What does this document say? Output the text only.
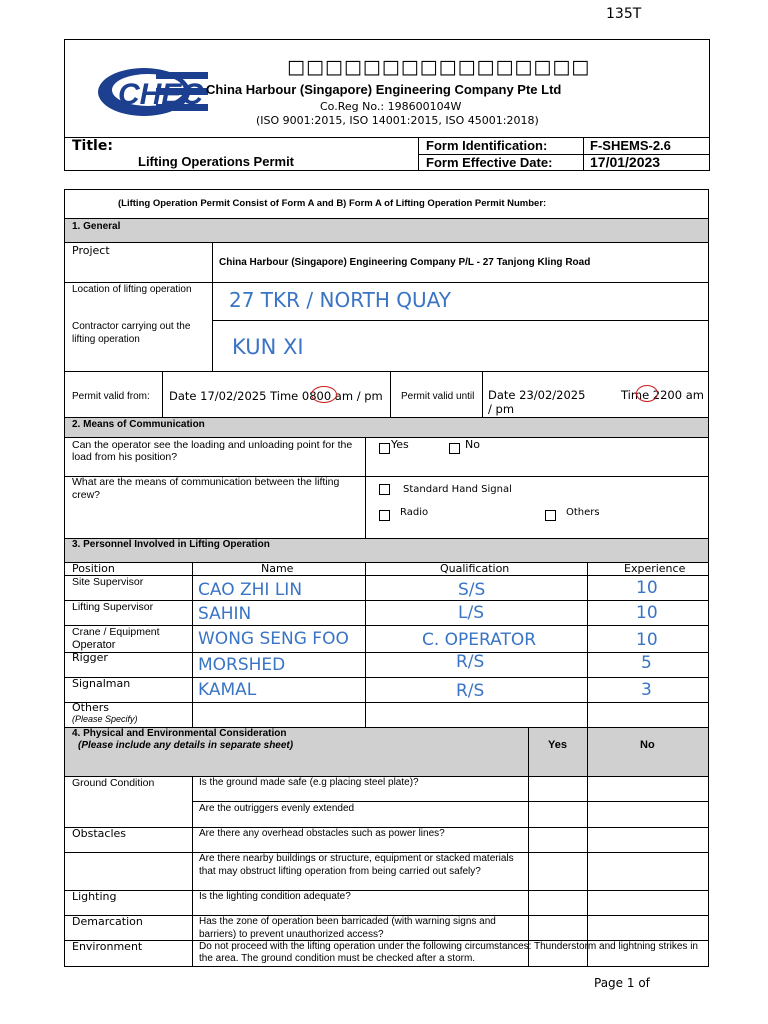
135T
CHEC
□□□□□□□□□□□□□□□□
China Harbour (Singapore) Engineering Company Pte Ltd
Co.Reg No.: 198600104W
(ISO 9001:2015, ISO 14001:2015, ISO 45001:2018)
Title:
Lifting Operations Permit
Form Identification:	F-SHEMS-2.6
Form Effective Date:	17/01/2023
(Lifting Operation Permit Consist of Form A and B) Form A of Lifting Operation Permit Number:
1. General
Project
China Harbour (Singapore) Engineering Company P/L - 27 Tanjong Kling Road
Location of lifting operation 27 TKR / NORTH QUAY
Contractor carrying out the
lifting operation	KUN XI
Permit valid from: Date 17/02/2025 Time 0800 am / pm Permit valid until Date 23/02/2025	Time 2200 am
/ pm
2. Means of Communication
Can the operator see the loading and unloading point for the
load from his position?
Yes	No
What are the means of communication between the lifting
crew?	Standard Hand Signal
Radio	Others
3. Personnel Involved in Lifting Operation
Position	Name	Qualification	Experience
Site Supervisor	CAO ZHI LIN	S/S	10
Lifting Supervisor	SAHIN	L/S	10
Crane / Equipment
Operator	WONG SENG FOO	C. OPERATOR	10
Rigger	MORSHED	R/S	5
Signalman	KAMAL	R/S	3
Others
(Please Specify)
4. Physical and Environmental Consideration
(Please include any details in separate sheet)	Yes	No
Ground Condition	Is the ground made safe (e.g placing steel plate)?
Are the outriggers evenly extended
Obstacles	Are there any overhead obstacles such as power lines?
Are there nearby buildings or structure, equipment or stacked materials that may obstruct lifting operation from being carried out safely?
Lighting	Is the lighting condition adequate?
Demarcation	Has the zone of operation been barricaded (with warning signs and barriers) to prevent unauthorized access?
Environment	Do not proceed with the lifting operation under the following circumstances: Thunderstorm and lightning strikes in the area. The ground condition must be checked after a storm.
Page 1 of
